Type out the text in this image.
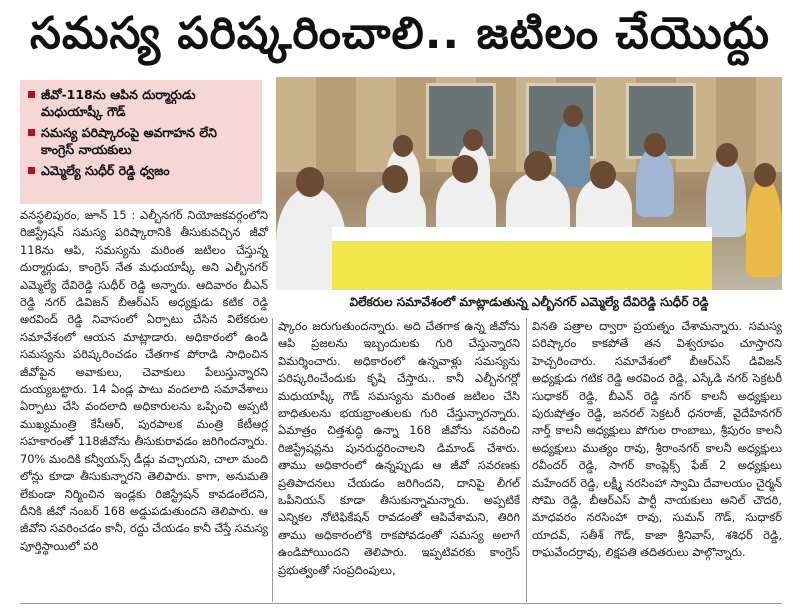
సమస్య పరిష్కరించాలి.. జటిలం చేయొద్దు
జీవో-118ను ఆపిన దుర్మార్గుడు మధుయాష్కీ గౌడ్
సమస్య పరిష్కారంపై అవగాహన లేని కాంగ్రెస్ నాయకులు
ఎమ్మెల్యే సుధీర్ రెడ్డి ధ్వజం
విలేకరుల సమావేశంలో మాట్లాడుతున్న ఎల్బీనగర్ ఎమ్మెల్యే దేవిరెడ్డి సుధీర్ రెడ్డి
వనస్థలిపురం, జూన్ 15 : ఎల్బీనగర్ నియోజకవర్గంలోని రిజిస్ట్రేషన్ సమస్య పరిష్కారానికి తీసుకువచ్చిన జీవో 118ను ఆపి, సమస్యను మరింత జటిలం చేస్తున్న దుర్మార్గుడు, కాంగ్రెస్ నేత మధుయాష్కీ అని ఎల్బీనగర్ ఎమ్మెల్యే దేవిరెడ్డి సుధీర్ రెడ్డి అన్నారు. ఆదివారం బీఎన్ రెడ్డి నగర్ డివిజన్ బీఆర్ఎస్ అధ్యక్షుడు కటిక రెడ్డి అరవింద్ రెడ్డి నివాసంలో ఏర్పాటు చేసిన విలేకరుల సమావేశంలో ఆయన మాట్లాడారు. అధికారంలో ఉండి సమస్యను పరిష్కరించడం చేతగాక పోరాడి సాధించిన జీవోపైన అవాకులు, చెవాకులు పేలుస్తున్నారని దుయ్యబట్టారు. 14 ఏండ్ల పాటు వందలాది సమావేశాలు ఏర్పాటు చేసి వందలాది అధికారులను ఒప్పించి అప్పటి ముఖ్యమంత్రి కేసీఆర్, పురపాలక మంత్రి కేటీఆర్ల సహకారంతో 118జీవోను తీసుకురావడం జరిగిందన్నారు. 70% మందికి కన్వీయన్స్ డీడ్లు వచ్చాయని, చాలా మంది లోన్లు కూడా తీసుకున్నారని తెలిపారు. కాగా, అనుమతి లేకుండా నిర్మించిన ఇండ్లకు రిజిస్ట్రేషన్ కావడంలేదని, దీనికి జీవో నంబర్ 168 అడ్డుపడుతుందని తెలిపారు. ఆ జీవోని సవరించడం కానీ, రద్దు చేయడం కానీ చేస్తే సమస్య పూర్తిస్థాయిలో పరి
ష్కారం జరుగుతుందన్నారు. అది చేతగాక ఉన్న జీవోను ఆపి ప్రజలను ఇబ్బందులకు గురి చేస్తున్నారని విమర్శించారు. అధికారంలో ఉన్నవాళ్లు సమస్యను పరిష్కరించేందుకు కృషి చేస్తారు.. కానీ ఎల్బీనగర్లో మధుయాష్కీ గౌడ్ సమస్యను మరింత జటిలం చేసి బాధితులను భయభ్రాంతులకు గురి చేస్తున్నారన్నారు. ఏమాత్రం చిత్తశుద్ధి ఉన్నా 168 జీవోను సవరించి రిజిస్ట్రేషన్లను పునరుద్ధరించాలని డిమాండ్ చేశారు. తాము అధికారంలో ఉన్నప్పుడు ఆ జీవో సవరణకు ప్రతిపాదనలు చేయడం జరిగిందని, దానిపై లీగల్ ఒపీనియన్ కూడా తీసుకున్నామన్నారు. అప్పటికే ఎన్నికల నోటిఫికేషన్ రావడంతో ఆపివేశామని, తిరిగి తాము అధికారంలోకి రాకపోవడంతో సమస్య అలాగే ఉండిపోయిందని తెలిపారు. ఇప్పటివరకు కాంగ్రెస్ ప్రభుత్వంతో సంప్రదింపులు,
వినతి పత్రాల ద్వారా ప్రయత్నం చేశామన్నారు. సమస్య పరిష్కారం కాకపోతే తన విశ్వరూపం చూస్తారని హెచ్చరించారు. సమావేశంలో బీఆర్ఎస్ డివిజన్ అధ్యక్షుడు గటిక రెడ్డి అరవింద రెడ్డి, ఎస్కేడి నగర్ సెక్రటరీ సుధాకర్ రెడ్డి, బీఎన్ రెడ్డి నగర్ కాలనీ అధ్యక్షులు పురుషోత్తం రెడ్డి, జనరల్ సెక్రటరీ ధనరాజ్, వైదేహినగర్ నార్త్ కాలనీ అధ్యక్షులు పోగుల రాంబాబు, శ్రీపురం కాలనీ అధ్యక్షులు ముత్యం రావు, శ్రీరాంనగర్ కాలనీ అధ్యక్షులు రవీందర్ రెడ్డి, సాగర్ కాంప్లెక్స్ ఫేజ్ 2 అధ్యక్షులు మహేందర్ రెడ్డి, లక్ష్మీ నరసింహా స్వామి దేవాలయం చైర్మన్ సోమి రెడ్డి, బీఆర్ఎస్ పార్టీ నాయకులు అనిల్ చౌదరి, మాధవరం నరసింహా రావు, సుమన్ గౌడ్, సుధాకర్ యాదవ్, సతీశ్ గౌడ్, కాజా శ్రీనివాస్, శశిధర్ రెడ్డి, రాఘవేందర్రావు, లిక్షపతి తదితరులు పాల్గొన్నారు.
